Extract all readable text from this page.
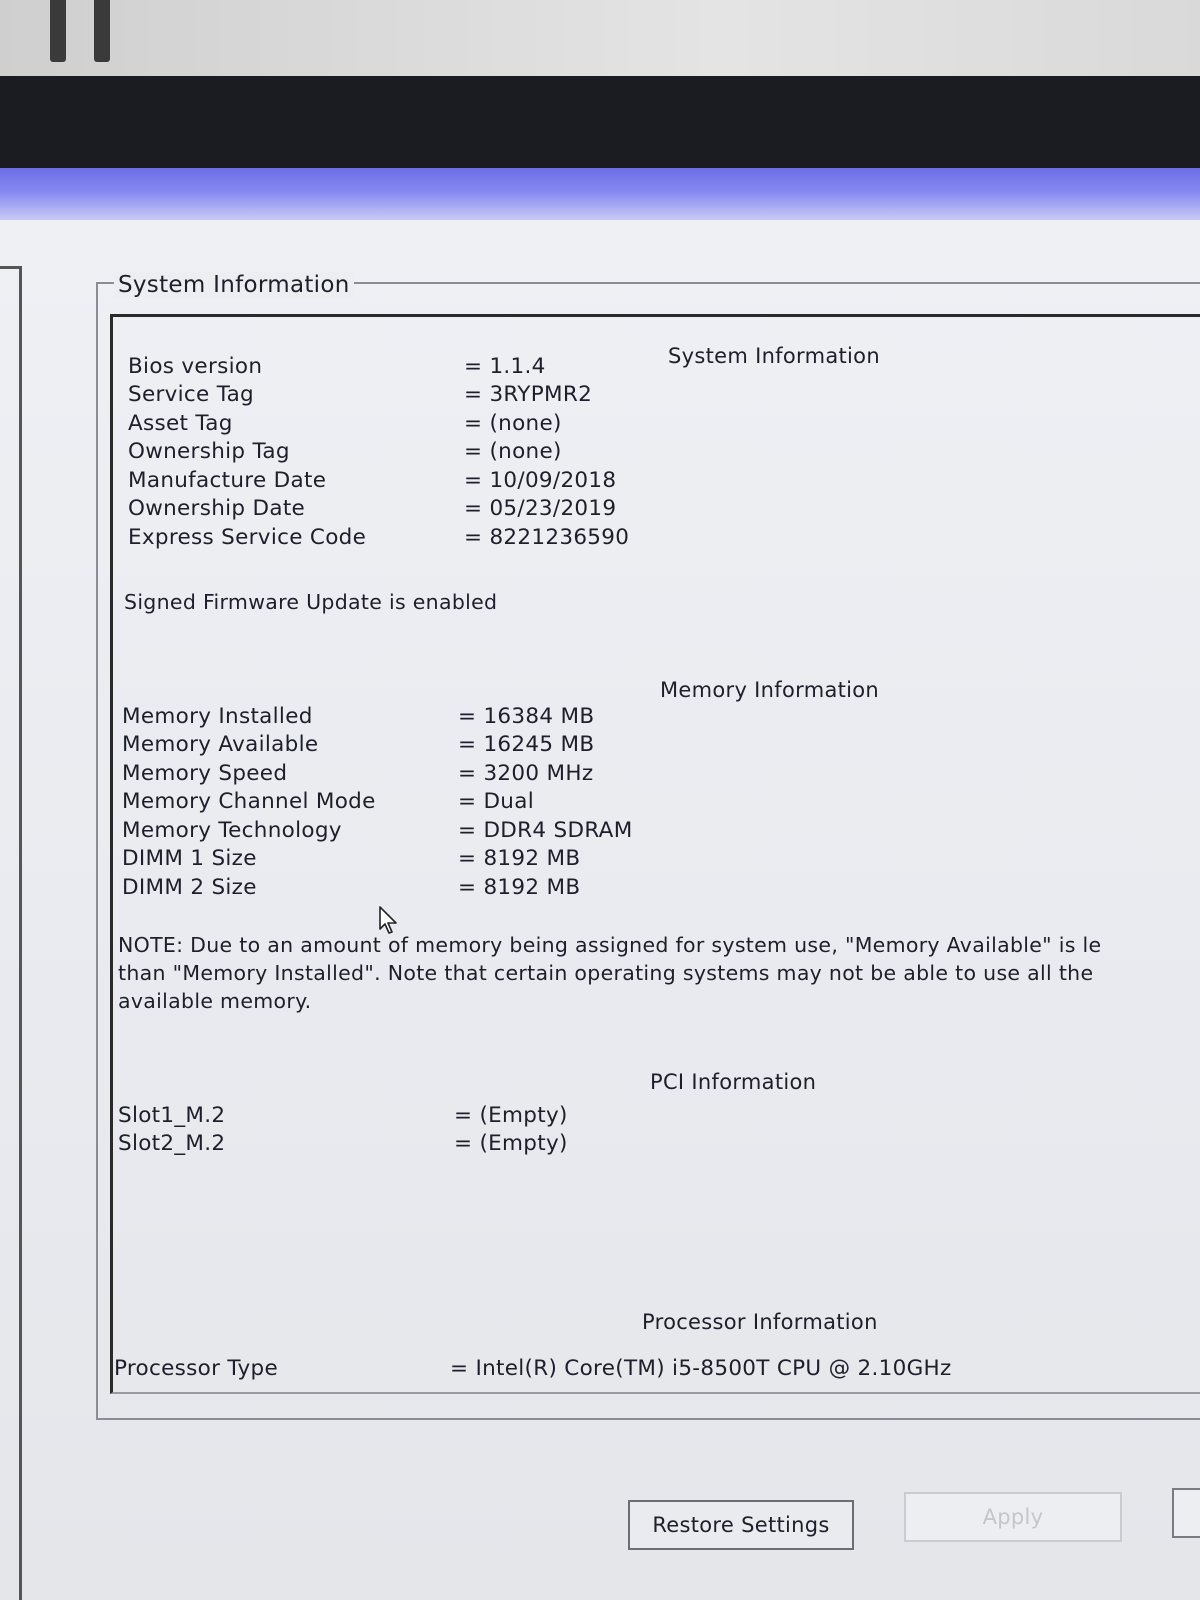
System Information
System Information
Bios version	= 1.1.4
Service Tag	= 3RYPMR2
Asset Tag	= (none)
Ownership Tag	= (none)
Manufacture Date	= 10/09/2018
Ownership Date	= 05/23/2019
Express Service Code	= 8221236590
Signed Firmware Update is enabled
Memory Information
Memory Installed	= 16384 MB
Memory Available	= 16245 MB
Memory Speed	= 3200 MHz
Memory Channel Mode	= Dual
Memory Technology	= DDR4 SDRAM
DIMM 1 Size	= 8192 MB
DIMM 2 Size	= 8192 MB
NOTE: Due to an amount of memory being assigned for system use, "Memory Available" is le
than "Memory Installed". Note that certain operating systems may not be able to use all the
available memory.
PCI Information
Slot1_M.2	= (Empty)
Slot2_M.2	= (Empty)
Processor Information
Processor Type	= Intel(R) Core(TM) i5-8500T CPU @ 2.10GHz
Restore Settings	Apply
